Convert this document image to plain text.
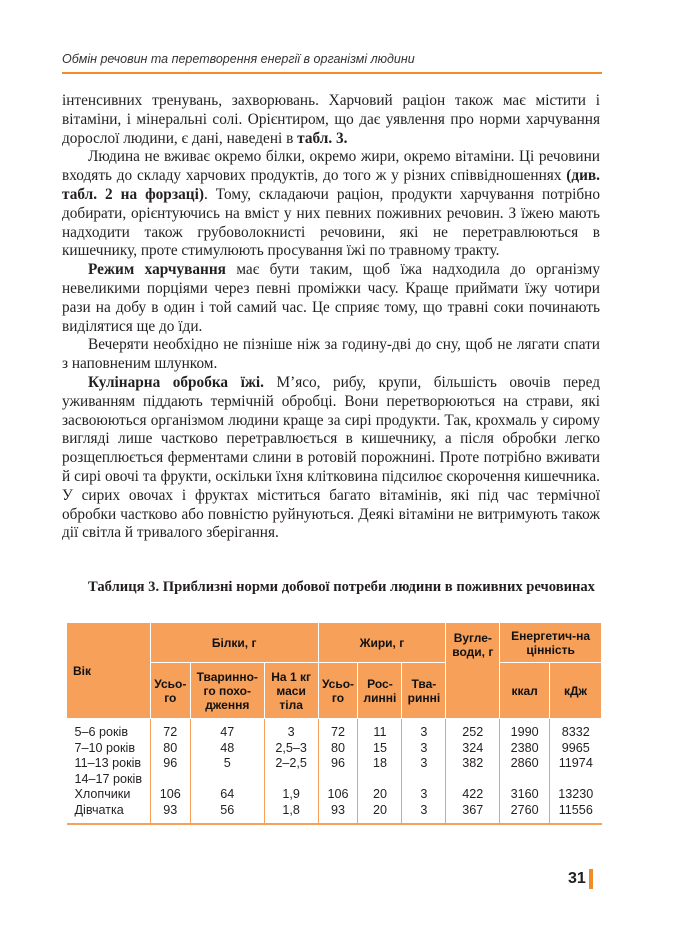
Обмін речовин та перетворення енергії в організмі людини

інтенсивних тренувань, захворювань. Харчовий раціон також має містити і вітаміни, і мінеральні солі. Орієнтиром, що дає уявлення про норми харчування дорослої людини, є дані, наведені в табл. 3.

Людина не вживає окремо білки, окремо жири, окремо вітаміни. Ці речовини входять до складу харчових продуктів, до того ж у різних співвідношеннях (див. табл. 2 на форзаці). Тому, складаючи раціон, продукти харчування потрібно добирати, орієнтуючись на вміст у них певних поживних речовин. З їжею мають надходити також грубоволокнисті речовини, які не перетравлюються в кишечнику, проте стимулюють просування їжі по травному тракту.

Режим харчування має бути таким, щоб їжа надходила до організму невеликими порціями через певні проміжки часу. Краще приймати їжу чотири рази на добу в один і той самий час. Це сприяє тому, що травні соки починають виділятися ще до їди.

Вечеряти необхідно не пізніше ніж за годину-дві до сну, щоб не лягати спати з наповненим шлунком.

Кулінарна обробка їжі. М’ясо, рибу, крупи, більшість овочів перед уживанням піддають термічній обробці. Вони перетворюються на страви, які засвоюються організмом людини краще за сирі продукти. Так, крохмаль у сирому вигляді лише частково перетравлюється в кишечнику, а після обробки легко розщеплюється ферментами слини в ротовій порожнині. Проте потрібно вживати й сирі овочі та фрукти, оскільки їхня клітковина підсилює скорочення кишечника. У сирих овочах і фруктах міститься багато вітамінів, які під час термічної обробки частково або повністю руйнуються. Деякі вітаміни не витримують також дії світла й тривалого зберігання.

Таблиця 3. Приблизні норми добової потреби людини в поживних речовинах
Вік	Білки, г			Жири, г			Вугле-води, г	Енергетич-на цінність	
	Усьо-го	Тваринно-го похо-дження	На 1 кг маси тіла	Усьо-го	Рос-линні	Тва-ринні		ккал	кДж
5–6 років	72	47	3	72	11	3	252	1990	8332
7–10 років	80	48	2,5–3	80	15	3	324	2380	9965
11–13 років	96	5	2–2,5	96	18	3	382	2860	11974
14–17 років									
Хлопчики	106	64	1,9	106	20	3	422	3160	13230
Дівчатка	93	56	1,8	93	20	3	367	2760	11556
31
